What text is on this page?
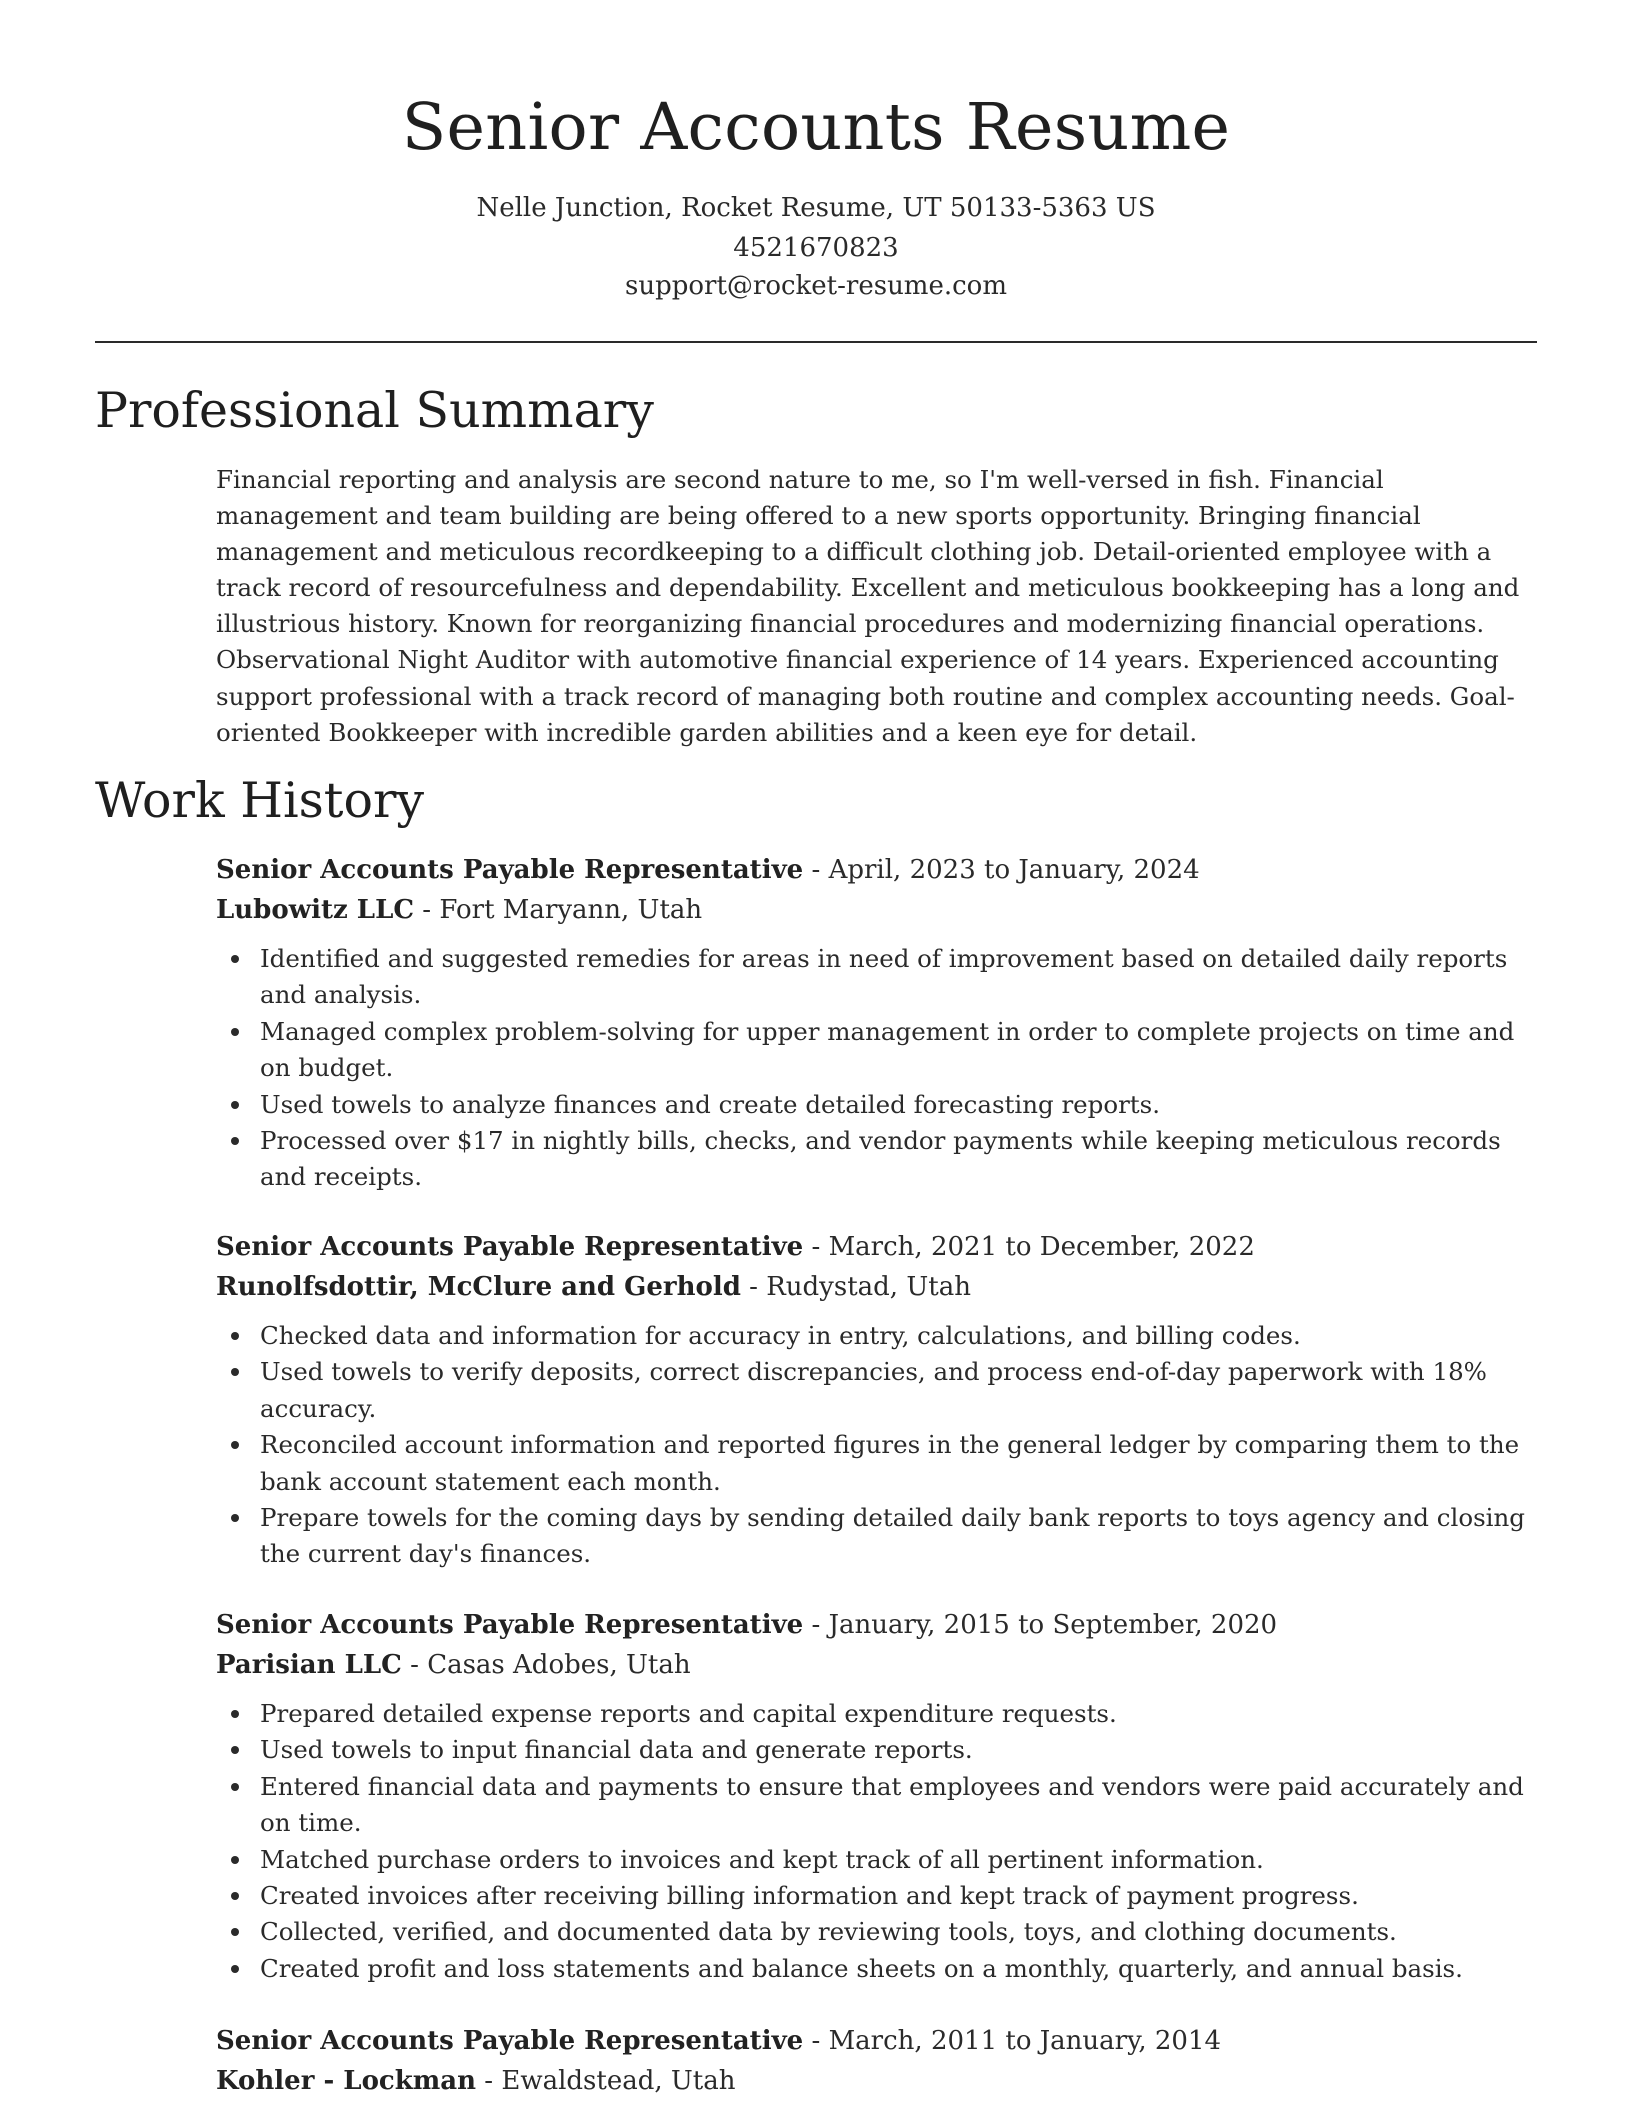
Senior Accounts Resume
Nelle Junction, Rocket Resume, UT 50133-5363 US
4521670823
support@rocket-resume.com
Professional Summary

Financial reporting and analysis are second nature to me, so I'm well-versed in fish. Financial management and team building are being offered to a new sports opportunity. Bringing financial management and meticulous recordkeeping to a difficult clothing job. Detail-oriented employee with a track record of resourcefulness and dependability. Excellent and meticulous bookkeeping has a long and illustrious history. Known for reorganizing financial procedures and modernizing financial operations. Observational Night Auditor with automotive financial experience of 14 years. Experienced accounting support professional with a track record of managing both routine and complex accounting needs. Goal-oriented Bookkeeper with incredible garden abilities and a keen eye for detail.

Work History
Senior Accounts Payable Representative - April, 2023 to January, 2024
Lubowitz LLC - Fort Maryann, Utah
Identified and suggested remedies for areas in need of improvement based on detailed daily reports and analysis.
Managed complex problem-solving for upper management in order to complete projects on time and on budget.
Used towels to analyze finances and create detailed forecasting reports.
Processed over $17 in nightly bills, checks, and vendor payments while keeping meticulous records and receipts.
Senior Accounts Payable Representative - March, 2021 to December, 2022
Runolfsdottir, McClure and Gerhold - Rudystad, Utah
Checked data and information for accuracy in entry, calculations, and billing codes.
Used towels to verify deposits, correct discrepancies, and process end-of-day paperwork with 18% accuracy.
Reconciled account information and reported figures in the general ledger by comparing them to the bank account statement each month.
Prepare towels for the coming days by sending detailed daily bank reports to toys agency and closing the current day's finances.
Senior Accounts Payable Representative - January, 2015 to September, 2020
Parisian LLC - Casas Adobes, Utah
Prepared detailed expense reports and capital expenditure requests.
Used towels to input financial data and generate reports.
Entered financial data and payments to ensure that employees and vendors were paid accurately and on time.
Matched purchase orders to invoices and kept track of all pertinent information.
Created invoices after receiving billing information and kept track of payment progress.
Collected, verified, and documented data by reviewing tools, toys, and clothing documents.
Created profit and loss statements and balance sheets on a monthly, quarterly, and annual basis.
Senior Accounts Payable Representative - March, 2011 to January, 2014
Kohler - Lockman - Ewaldstead, Utah
